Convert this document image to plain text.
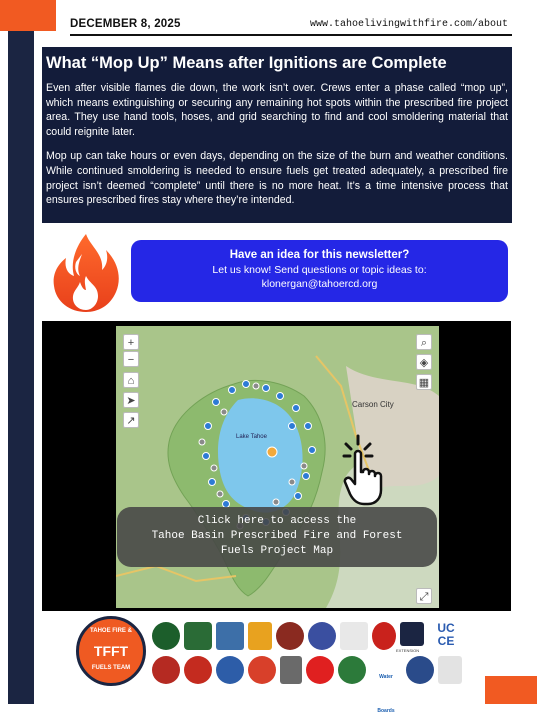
DECEMBER 8, 2025	www.tahoelivingwithfire.com/about
What “Mop Up” Means after Ignitions are Complete

Even after visible flames die down, the work isn’t over. Crews enter a phase called “mop up”, which means extinguishing or securing any remaining hot spots within the prescribed fire project area. They use hand tools, hoses, and grid searching to find and cool smoldering material that could reignite later.

Mop up can take hours or even days, depending on the size of the burn and weather conditions. While continued smoldering is needed to ensure fuels get treated adequately, a prescribed fire project isn’t deemed “complete” until there is no more heat. It’s a time intensive process that ensures prescribed fires stay where they’re intended.

Have an idea for this newsletter?
Let us know! Send questions or topic ideas to:
klonergan@tahoercd.org
Carson City
Lake Tahoe
+
−
⌂
➤
↗
⌕
◈
▦
⤢
Click here to access the
Tahoe Basin Prescribed Fire and Forest
Fuels Project Map
TAHOE FIRE &
TFFT
FUELS TEAM
UC CE
EXTENSION
Water Boards
